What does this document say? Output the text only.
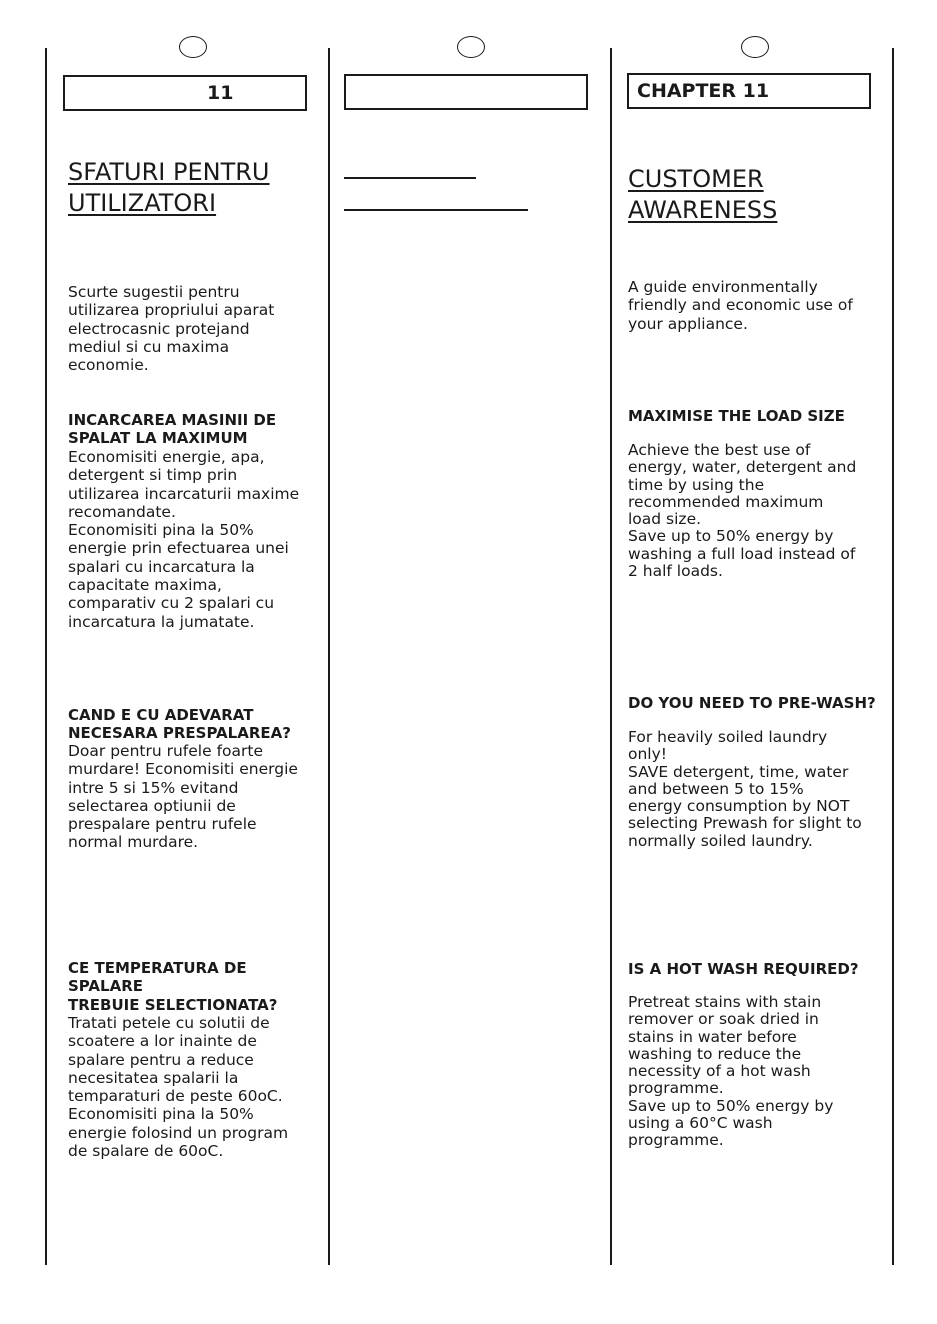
11
SFATURI PENTRU
UTILIZATORI
Scurte sugestii pentru
utilizarea propriului aparat
electrocasnic protejand
mediul si cu maxima
economie.
INCARCAREA MASINII DE
SPALAT LA MAXIMUM
Economisiti energie, apa,
detergent si timp prin
utilizarea incarcaturii maxime
recomandate.
Economisiti pina la 50%
energie prin efectuarea unei
spalari cu incarcatura la
capacitate maxima,
comparativ cu 2 spalari cu
incarcatura la jumatate.
CAND E CU ADEVARAT
NECESARA PRESPALAREA?
Doar pentru rufele foarte
murdare! Economisiti energie
intre 5 si 15% evitand
selectarea optiunii de
prespalare pentru rufele
normal murdare.
CE TEMPERATURA DE SPALARE
TREBUIE SELECTIONATA?
Tratati petele cu solutii de
scoatere a lor inainte de
spalare pentru a reduce
necesitatea spalarii la
temparaturi de peste 60oC.
Economisiti pina la 50%
energie folosind un program
de spalare de 60oC.
CHAPTER 11
CUSTOMER
AWARENESS
A guide environmentally
friendly and economic use of
your appliance.
MAXIMISE THE LOAD SIZE
Achieve the best use of
energy, water, detergent and
time by using the
recommended maximum
load size.
Save up to 50% energy by
washing a full load instead of
2 half loads.
DO YOU NEED TO PRE-WASH?
For heavily soiled laundry
only!
SAVE detergent, time, water
and between 5 to 15%
energy consumption by NOT
selecting Prewash for slight to
normally soiled laundry.
IS A HOT WASH REQUIRED?
Pretreat stains with stain
remover or soak dried in
stains in water before
washing to reduce the
necessity of a hot wash
programme.
Save up to 50% energy by
using a 60°C wash
programme.
